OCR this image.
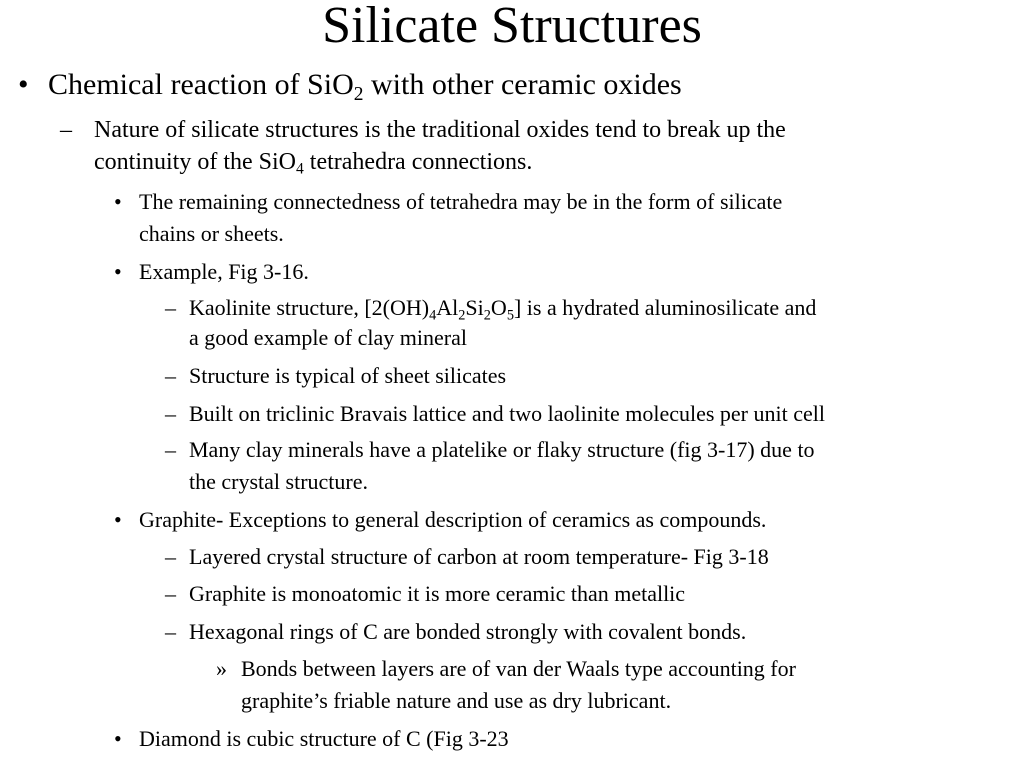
Silicate Structures
• Chemical reaction of SiO$_2$ with other ceramic oxides
– Nature of silicate structures is the traditional oxides tend to break up the
continuity of the SiO$_4$ tetrahedra connections.
• The remaining connectedness of tetrahedra may be in the form of silicate
chains or sheets.
• Example, Fig 3-16.
– Kaolinite structure, $[2(OH)_4Al_2Si_2O_5]$ is a hydrated aluminosilicate and
a good example of clay mineral
– Structure is typical of sheet silicates
– Built on triclinic Bravais lattice and two laolinite molecules per unit cell
– Many clay minerals have a platelike or flaky structure (fig 3-17) due to
the crystal structure.
• Graphite- Exceptions to general description of ceramics as compounds.
– Layered crystal structure of carbon at room temperature- Fig 3-18
– Graphite is monoatomic it is more ceramic than metallic
– Hexagonal rings of C are bonded strongly with covalent bonds.
» Bonds between layers are of van der Waals type accounting for
graphite’s friable nature and use as dry lubricant.
• Diamond is cubic structure of C (Fig 3-23
